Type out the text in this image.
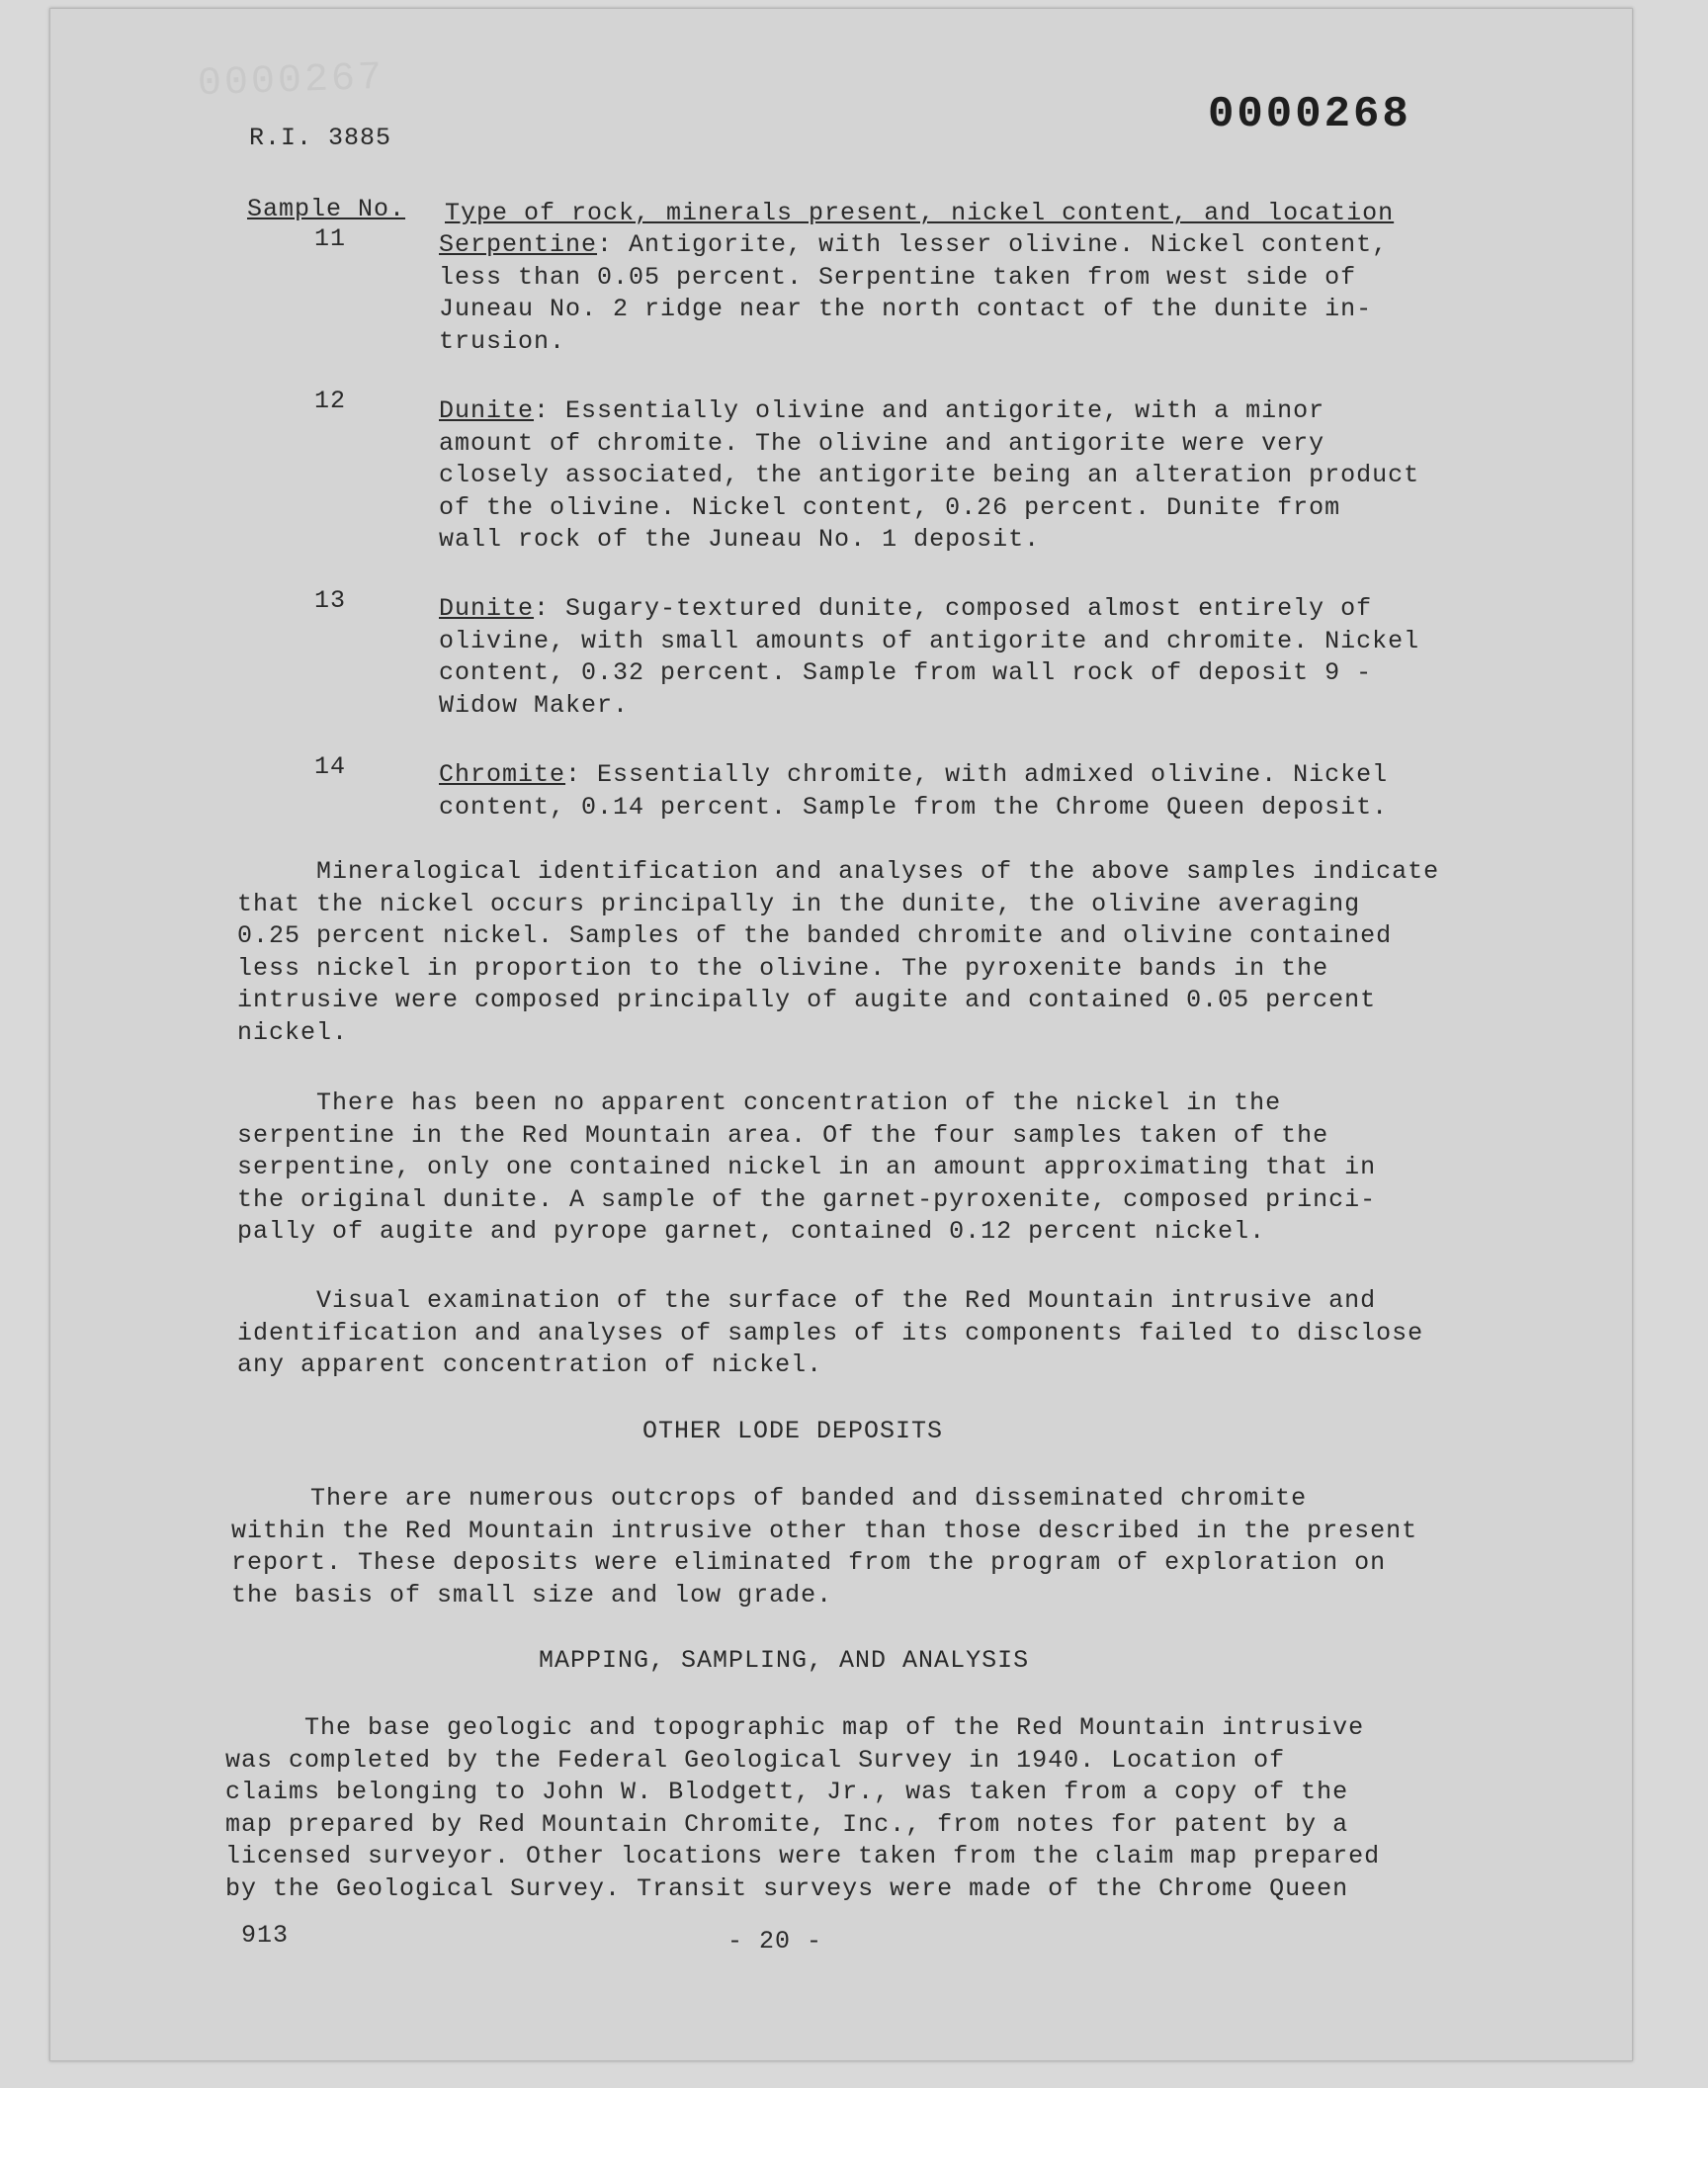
0000267
R.I. 3885	0000268
Sample No. Type of rock, minerals present, nickel content, and location
11	Serpentine: Antigorite, with lesser olivine. Nickel content,

less than 0.05 percent. Serpentine taken from west side of

Juneau No. 2 ridge near the north contact of the dunite in-

trusion.

12	Dunite: Essentially olivine and antigorite, with a minor

amount of chromite. The olivine and antigorite were very

closely associated, the antigorite being an alteration product

of the olivine. Nickel content, 0.26 percent. Dunite from

wall rock of the Juneau No. 1 deposit.

13	Dunite: Sugary-textured dunite, composed almost entirely of

olivine, with small amounts of antigorite and chromite. Nickel

content, 0.32 percent. Sample from wall rock of deposit 9 -

Widow Maker.

14	Chromite: Essentially chromite, with admixed olivine. Nickel

content, 0.14 percent. Sample from the Chrome Queen deposit.

Mineralogical identification and analyses of the above samples indicate

that the nickel occurs principally in the dunite, the olivine averaging

0.25 percent nickel. Samples of the banded chromite and olivine contained

less nickel in proportion to the olivine. The pyroxenite bands in the

intrusive were composed principally of augite and contained 0.05 percent

nickel.

There has been no apparent concentration of the nickel in the

serpentine in the Red Mountain area. Of the four samples taken of the

serpentine, only one contained nickel in an amount approximating that in

the original dunite. A sample of the garnet-pyroxenite, composed princi-

pally of augite and pyrope garnet, contained 0.12 percent nickel.

Visual examination of the surface of the Red Mountain intrusive and

identification and analyses of samples of its components failed to disclose

any apparent concentration of nickel.

OTHER LODE DEPOSITS

There are numerous outcrops of banded and disseminated chromite

within the Red Mountain intrusive other than those described in the present

report. These deposits were eliminated from the program of exploration on

the basis of small size and low grade.

MAPPING, SAMPLING, AND ANALYSIS

The base geologic and topographic map of the Red Mountain intrusive

was completed by the Federal Geological Survey in 1940. Location of

claims belonging to John W. Blodgett, Jr., was taken from a copy of the

map prepared by Red Mountain Chromite, Inc., from notes for patent by a

licensed surveyor. Other locations were taken from the claim map prepared

by the Geological Survey. Transit surveys were made of the Chrome Queen

913	- 20 -
